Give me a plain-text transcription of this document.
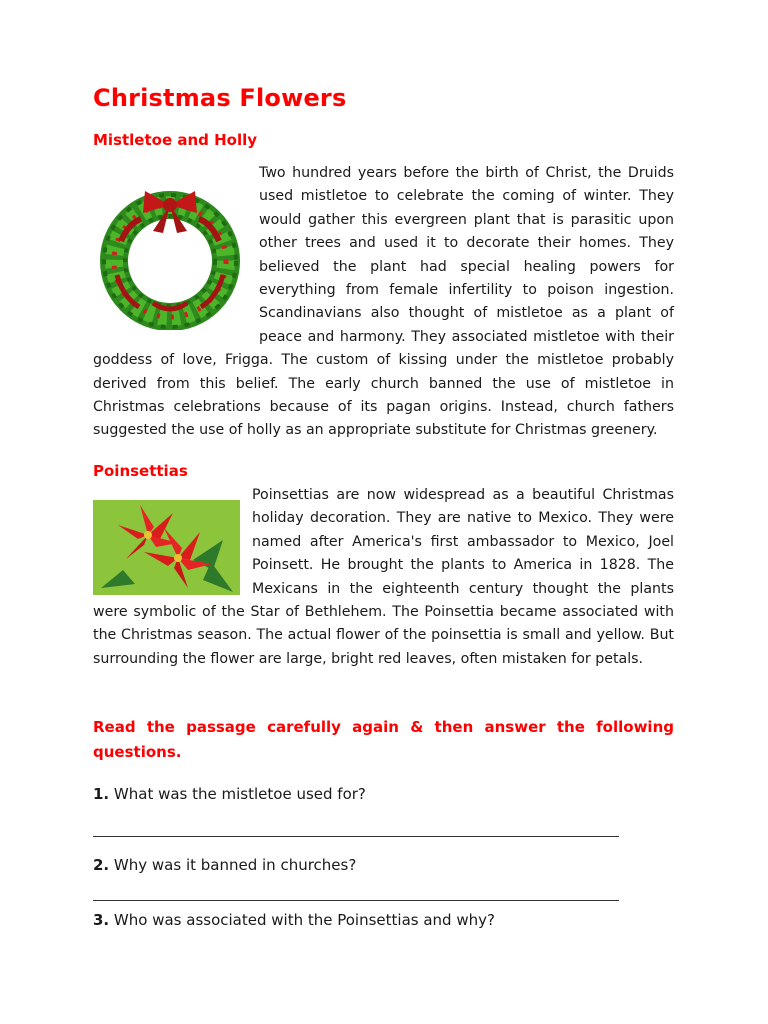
Christmas Flowers
Mistletoe and Holly
Two hundred years before the birth of Christ, the Druids used mistletoe to celebrate the coming of winter. They would gather this evergreen plant that is parasitic upon other trees and used it to decorate their homes. They believed the plant had special healing powers for everything from female infertility to poison ingestion. Scandinavians also thought of mistletoe as a plant of peace and harmony. They associated mistletoe with their goddess of love, Frigga. The custom of kissing under the mistletoe probably derived from this belief. The early church banned the use of mistletoe in Christmas celebrations because of its pagan origins. Instead, church fathers suggested the use of holly as an appropriate substitute for Christmas greenery.
Poinsettias
Poinsettias are now widespread as a beautiful Christmas holiday decoration. They are native to Mexico. They were named after America's first ambassador to Mexico, Joel Poinsett. He brought the plants to America in 1828. The Mexicans in the eighteenth century thought the plants were symbolic of the Star of Bethlehem. The Poinsettia became associated with the Christmas season. The actual flower of the poinsettia is small and yellow. But surrounding the flower are large, bright red leaves, often mistaken for petals.

Read the passage carefully again & then answer the following questions.

1. What was the mistletoe used for?

2. Why was it banned in churches?

3. Who was associated with the Poinsettias and why?
